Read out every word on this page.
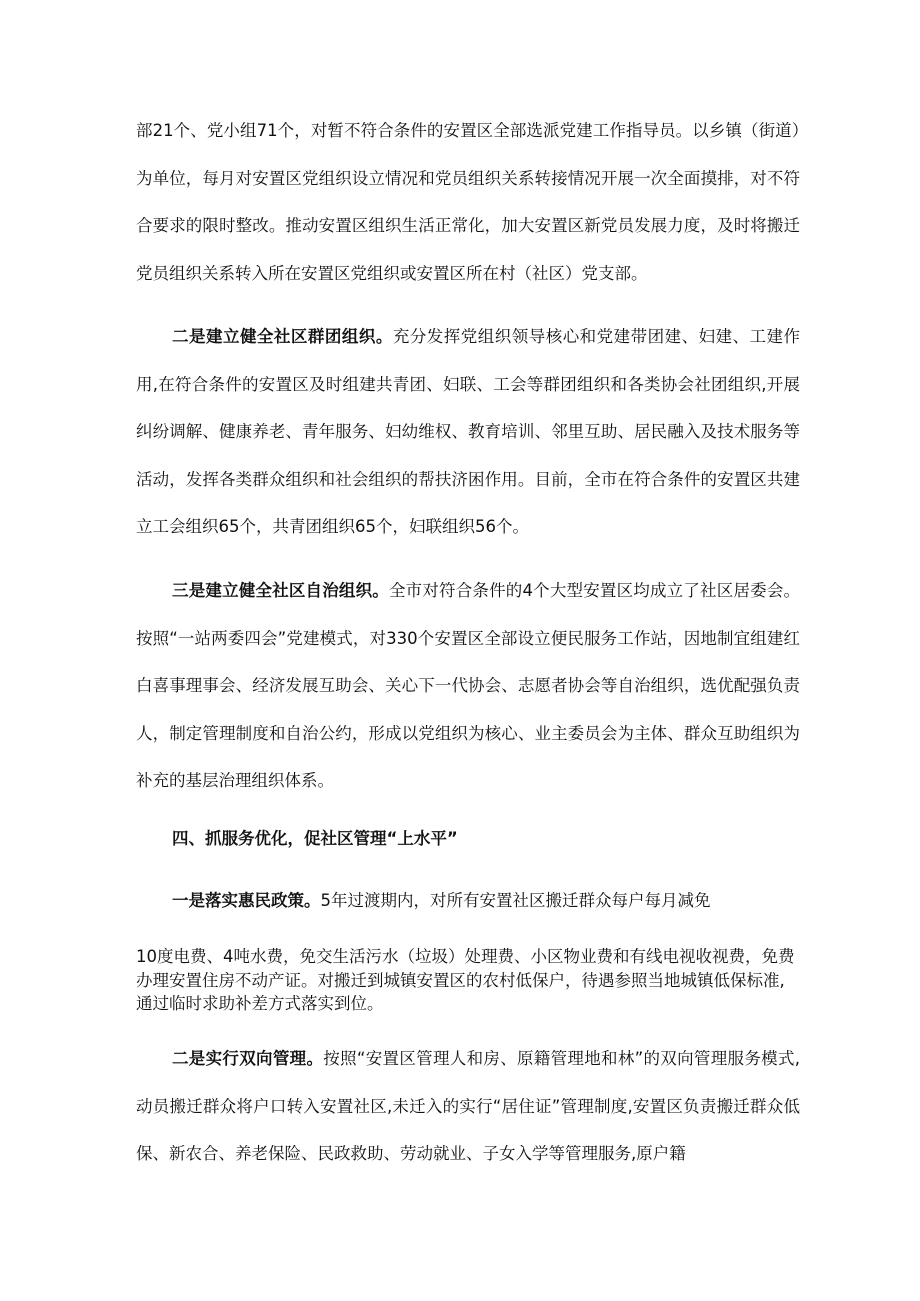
部21个、党小组71个，对暂不符合条件的安置区全部选派党建工作指导员。以乡镇（街道）为单位，每月对安置区党组织设立情况和党员组织关系转接情况开展一次全面摸排，对不符合要求的限时整改。推动安置区组织生活正常化，加大安置区新党员发展力度，及时将搬迁党员组织关系转入所在安置区党组织或安置区所在村（社区）党支部。

二是建立健全社区群团组织。充分发挥党组织领导核心和党建带团建、妇建、工建作用,在符合条件的安置区及时组建共青团、妇联、工会等群团组织和各类协会社团组织,开展纠纷调解、健康养老、青年服务、妇幼维权、教育培训、邻里互助、居民融入及技术服务等活动，发挥各类群众组织和社会组织的帮扶济困作用。目前，全市在符合条件的安置区共建立工会组织65个，共青团组织65个，妇联组织56个。

三是建立健全社区自治组织。全市对符合条件的4个大型安置区均成立了社区居委会。按照“一站两委四会”党建模式，对330个安置区全部设立便民服务工作站，因地制宜组建红白喜事理事会、经济发展互助会、关心下一代协会、志愿者协会等自治组织，选优配强负责人，制定管理制度和自治公约，形成以党组织为核心、业主委员会为主体、群众互助组织为补充的基层治理组织体系。

四、抓服务优化，促社区管理“上水平”

一是落实惠民政策。5年过渡期内，对所有安置社区搬迁群众每户每月减免

10度电费、4吨水费，免交生活污水（垃圾）处理费、小区物业费和有线电视收视费，免费办理安置住房不动产证。对搬迁到城镇安置区的农村低保户，待遇参照当地城镇低保标准,通过临时求助补差方式落实到位。

二是实行双向管理。按照“安置区管理人和房、原籍管理地和林”的双向管理服务模式,动员搬迁群众将户口转入安置社区,未迁入的实行“居住证”管理制度,安置区负责搬迁群众低保、新农合、养老保险、民政救助、劳动就业、子女入学等管理服务,原户籍
